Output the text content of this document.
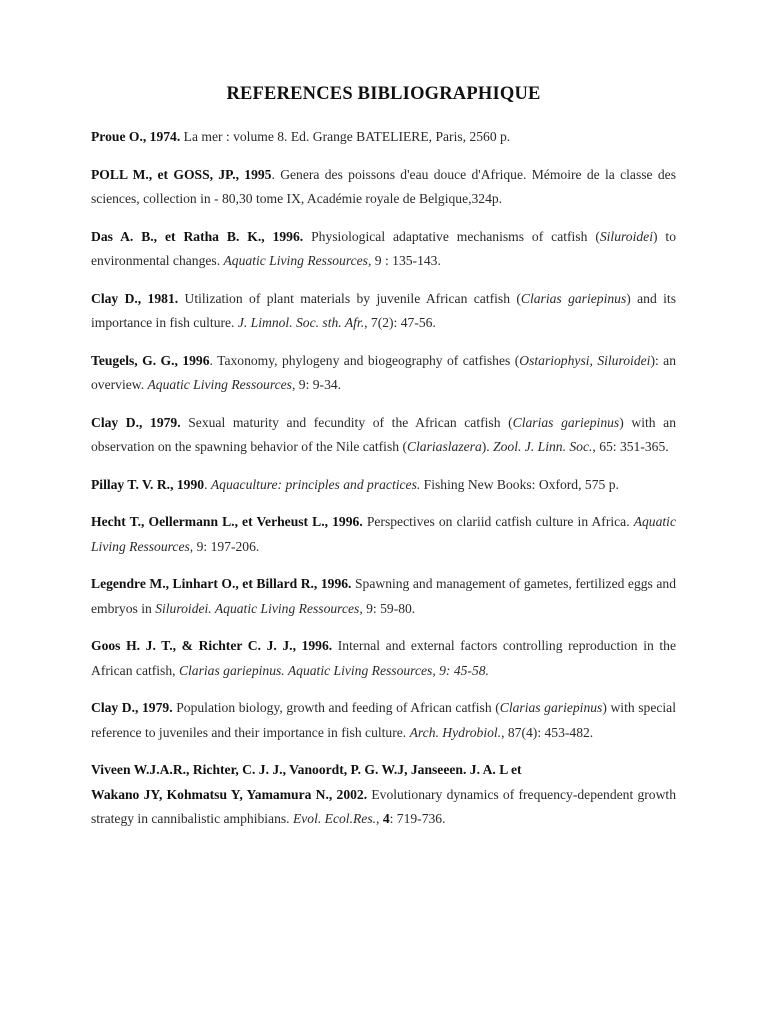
REFERENCES BIBLIOGRAPHIQUE

Proue O., 1974. La mer : volume 8. Ed. Grange BATELIERE, Paris, 2560 p.

POLL M., et GOSS, JP., 1995. Genera des poissons d'eau douce d'Afrique. Mémoire de la classe des sciences, collection in - 80,30 tome IX, Académie royale de Belgique,324p.

Das A. B., et Ratha B. K., 1996. Physiological adaptative mechanisms of catfish (Siluroidei) to environmental changes. Aquatic Living Ressources, 9 : 135-143.

Clay D., 1981. Utilization of plant materials by juvenile African catfish (Clarias gariepinus) and its importance in fish culture. J. Limnol. Soc. sth. Afr., 7(2): 47-56.

Teugels, G. G., 1996. Taxonomy, phylogeny and biogeography of catfishes (Ostariophysi, Siluroidei): an overview. Aquatic Living Ressources, 9: 9-34.

Clay D., 1979. Sexual maturity and fecundity of the African catfish (Clarias gariepinus) with an observation on the spawning behavior of the Nile catfish (Clariaslazera). Zool. J. Linn. Soc., 65: 351-365.

Pillay T. V. R., 1990. Aquaculture: principles and practices. Fishing New Books: Oxford, 575 p.

Hecht T., Oellermann L., et Verheust L., 1996. Perspectives on clariid catfish culture in Africa. Aquatic Living Ressources, 9: 197-206.

Legendre M., Linhart O., et Billard R., 1996. Spawning and management of gametes, fertilized eggs and embryos in Siluroidei. Aquatic Living Ressources, 9: 59-80.

Goos H. J. T., & Richter C. J. J., 1996. Internal and external factors controlling reproduction in the African catfish, Clarias gariepinus. Aquatic Living Ressources, 9: 45-58.

Clay D., 1979. Population biology, growth and feeding of African catfish (Clarias gariepinus) with special reference to juveniles and their importance in fish culture. Arch. Hydrobiol., 87(4): 453-482.

Viveen W.J.A.R., Richter, C. J. J., Vanoordt, P. G. W.J, Janseeen. J. A. L et
Wakano JY, Kohmatsu Y, Yamamura N., 2002. Evolutionary dynamics of frequency-dependent growth strategy in cannibalistic amphibians. Evol. Ecol.Res., 4: 719-736.
